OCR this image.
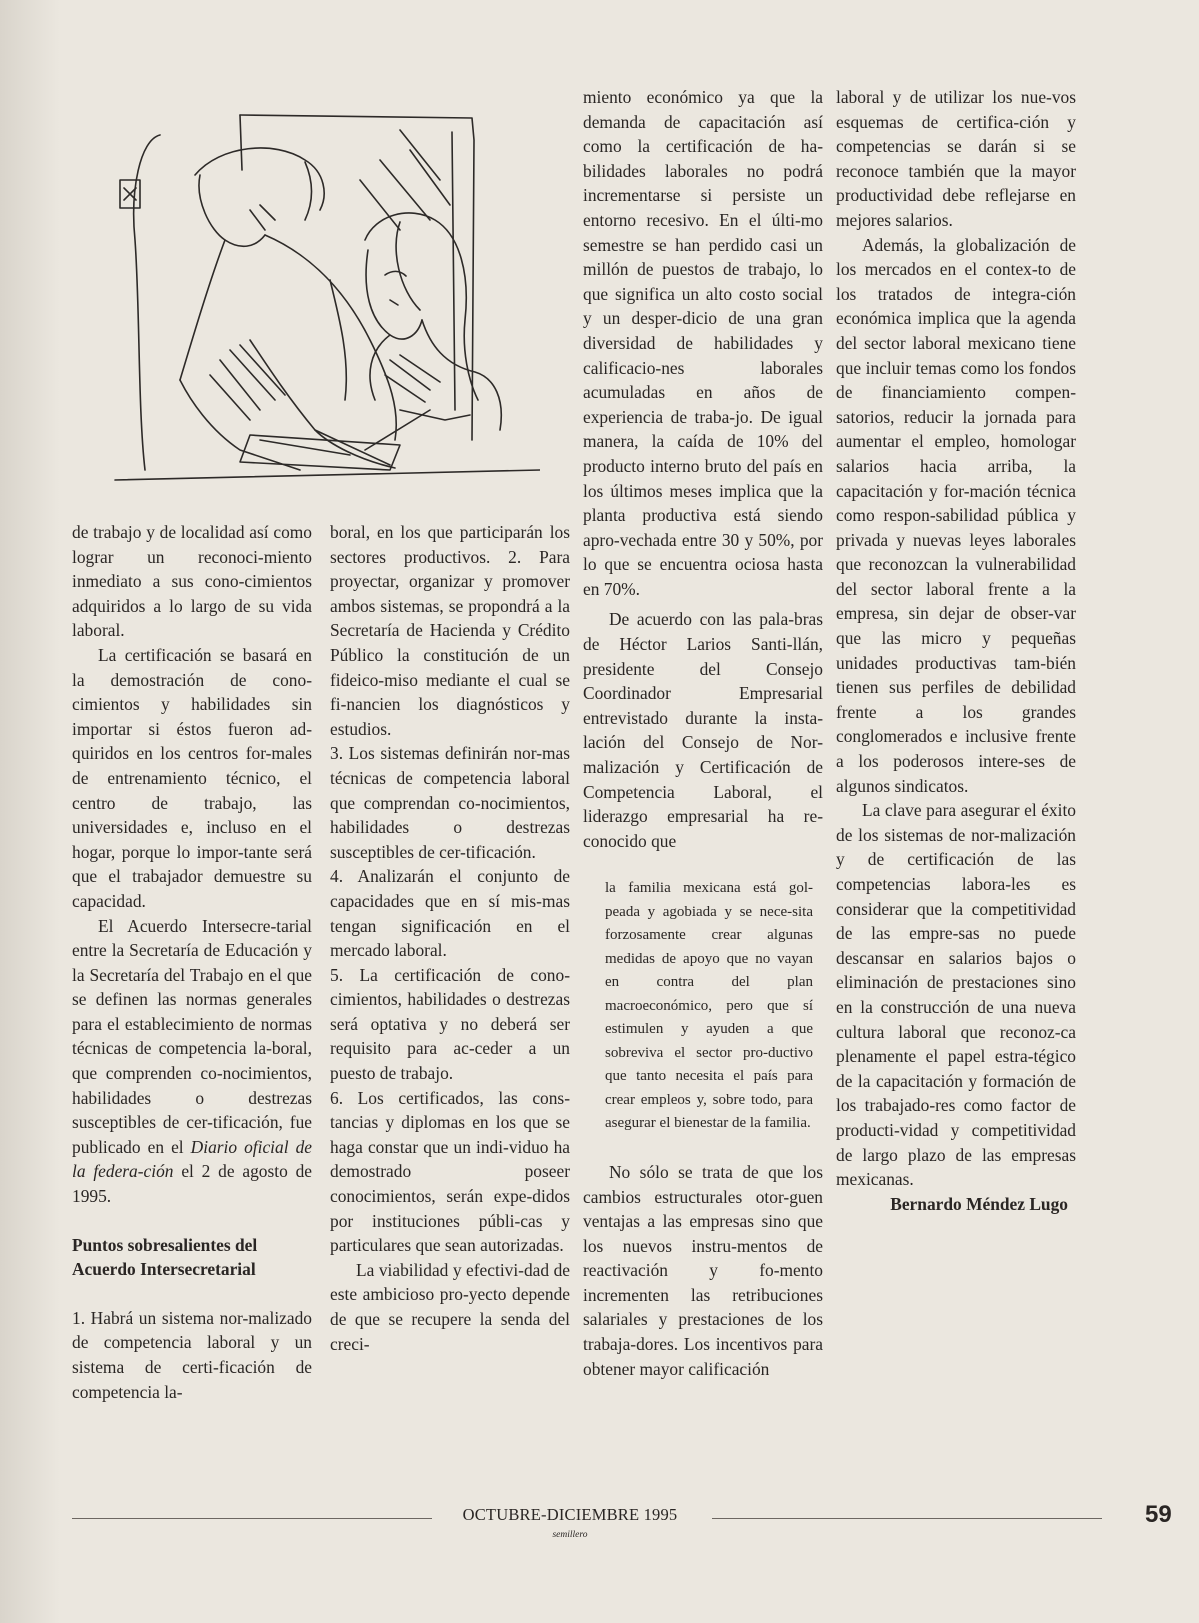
de trabajo y de localidad así como lograr un reconoci-miento inmediato a sus cono-cimientos adquiridos a lo largo de su vida laboral.

La certificación se basará en la demostración de cono-cimientos y habilidades sin importar si éstos fueron ad-quiridos en los centros for-males de entrenamiento técnico, el centro de trabajo, las universidades e, incluso en el hogar, porque lo impor-tante será que el trabajador demuestre su capacidad.

El Acuerdo Intersecre-tarial entre la Secretaría de Educación y la Secretaría del Trabajo en el que se definen las normas generales para el establecimiento de normas técnicas de competencia la-boral, que comprenden co-nocimientos, habilidades o destrezas susceptibles de cer-tificación, fue publicado en el Diario oficial de la federa-ción el 2 de agosto de 1995.

Puntos sobresalientes del Acuerdo Intersecretarial

1. Habrá un sistema nor-malizado de competencia laboral y un sistema de certi-ficación de competencia la-

boral, en los que participarán los sectores productivos. 2. Para proyectar, organizar y promover ambos sistemas, se propondrá a la Secretaría de Hacienda y Crédito Público la constitución de un fideico-miso mediante el cual se fi-nancien los diagnósticos y estudios.

3. Los sistemas definirán nor-mas técnicas de competencia laboral que comprendan co-nocimientos, habilidades o destrezas susceptibles de cer-tificación.

4. Analizarán el conjunto de capacidades que en sí mis-mas tengan significación en el mercado laboral.

5. La certificación de cono-cimientos, habilidades o destrezas será optativa y no deberá ser requisito para ac-ceder a un puesto de trabajo.

6. Los certificados, las cons-tancias y diplomas en los que se haga constar que un indi-viduo ha demostrado poseer conocimientos, serán expe-didos por instituciones públi-cas y particulares que sean autorizadas.

La viabilidad y efectivi-dad de este ambicioso pro-yecto depende de que se recupere la senda del creci-

miento económico ya que la demanda de capacitación así como la certificación de ha-bilidades laborales no podrá incrementarse si persiste un entorno recesivo. En el últi-mo semestre se han perdido casi un millón de puestos de trabajo, lo que significa un alto costo social y un desper-dicio de una gran diversidad de habilidades y calificacio-nes laborales acumuladas en años de experiencia de traba-jo. De igual manera, la caída de 10% del producto interno bruto del país en los últimos meses implica que la planta productiva está siendo apro-vechada entre 30 y 50%, por lo que se encuentra ociosa hasta en 70%.

De acuerdo con las pala-bras de Héctor Larios Santi-llán, presidente del Consejo Coordinador Empresarial entrevistado durante la insta-lación del Consejo de Nor-malización y Certificación de Competencia Laboral, el liderazgo empresarial ha re-conocido que

la familia mexicana está gol-peada y agobiada y se nece-sita forzosamente crear algunas medidas de apoyo que no vayan en contra del plan macroeconómico, pero que sí estimulen y ayuden a que sobreviva el sector pro-ductivo que tanto necesita el país para crear empleos y, sobre todo, para asegurar el bienestar de la familia.

No sólo se trata de que los cambios estructurales otor-guen ventajas a las empresas sino que los nuevos instru-mentos de reactivación y fo-mento incrementen las retribuciones salariales y prestaciones de los trabaja-dores. Los incentivos para obtener mayor calificación

laboral y de utilizar los nue-vos esquemas de certifica-ción y competencias se darán si se reconoce también que la mayor productividad debe reflejarse en mejores salarios.

Además, la globalización de los mercados en el contex-to de los tratados de integra-ción económica implica que la agenda del sector laboral mexicano tiene que incluir temas como los fondos de financiamiento compen-satorios, reducir la jornada para aumentar el empleo, homologar salarios hacia arriba, la capacitación y for-mación técnica como respon-sabilidad pública y privada y nuevas leyes laborales que reconozcan la vulnerabilidad del sector laboral frente a la empresa, sin dejar de obser-var que las micro y pequeñas unidades productivas tam-bién tienen sus perfiles de debilidad frente a los grandes conglomerados e inclusive frente a los poderosos intere-ses de algunos sindicatos.

La clave para asegurar el éxito de los sistemas de nor-malización y de certificación de las competencias labora-les es considerar que la competitividad de las empre-sas no puede descansar en salarios bajos o eliminación de prestaciones sino en la construcción de una nueva cultura laboral que reconoz-ca plenamente el papel estra-tégico de la capacitación y formación de los trabajado-res como factor de producti-vidad y competitividad de largo plazo de las empresas mexicanas.

Bernardo Méndez Lugo

OCTUBRE-DICIEMBRE 1995
semillero
59
